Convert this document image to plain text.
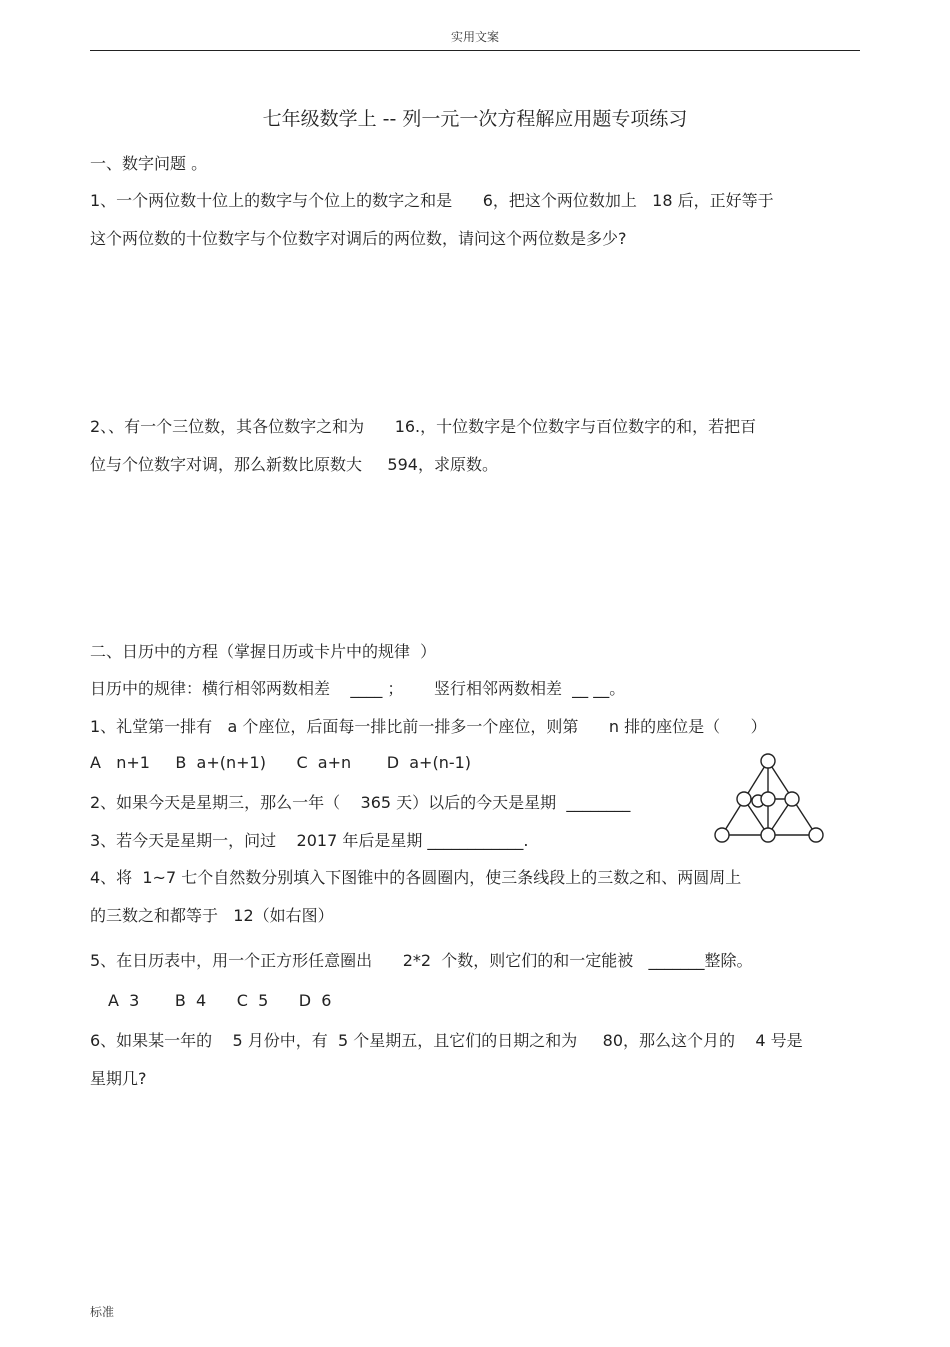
实用文案
七年级数学上 -- 列一元一次方程解应用题专项练习
一、数字问题 。
1、一个两位数十位上的数字与个位上的数字之和是      6，把这个两位数加上   18 后，正好等于
这个两位数的十位数字与个位数字对调后的两位数，请问这个两位数是多少?
2、、有一个三位数，其各位数字之和为      16.，十位数字是个位数字与百位数字的和，若把百
位与个位数字对调，那么新数比原数大     594，求原数。
二、日历中的方程（掌握日历或卡片中的规律  ）
日历中的规律：横行相邻两数相差    ____ ；      竖行相邻两数相差  __ __。
1、礼堂第一排有   a 个座位，后面每一排比前一排多一个座位，则第      n 排的座位是（      ）
A   n+1     B  a+(n+1)      C  a+n       D  a+(n-1)
2、如果今天是星期三，那么一年（    365 天）以后的今天是星期  ________
3、若今天是星期一，问过    2017 年后是星期 ____________.
4、将  1~7 七个自然数分别填入下图锥中的各圆圈内，使三条线段上的三数之和、两圆周上
的三数之和都等于   12（如右图）
5、在日历表中，用一个正方形任意圈出      2*2  个数，则它们的和一定能被   _______整除。
A  3       B  4      C  5      D  6
6、如果某一年的    5 月份中，有  5 个星期五，且它们的日期之和为     80，那么这个月的    4 号是
星期几?
标准
